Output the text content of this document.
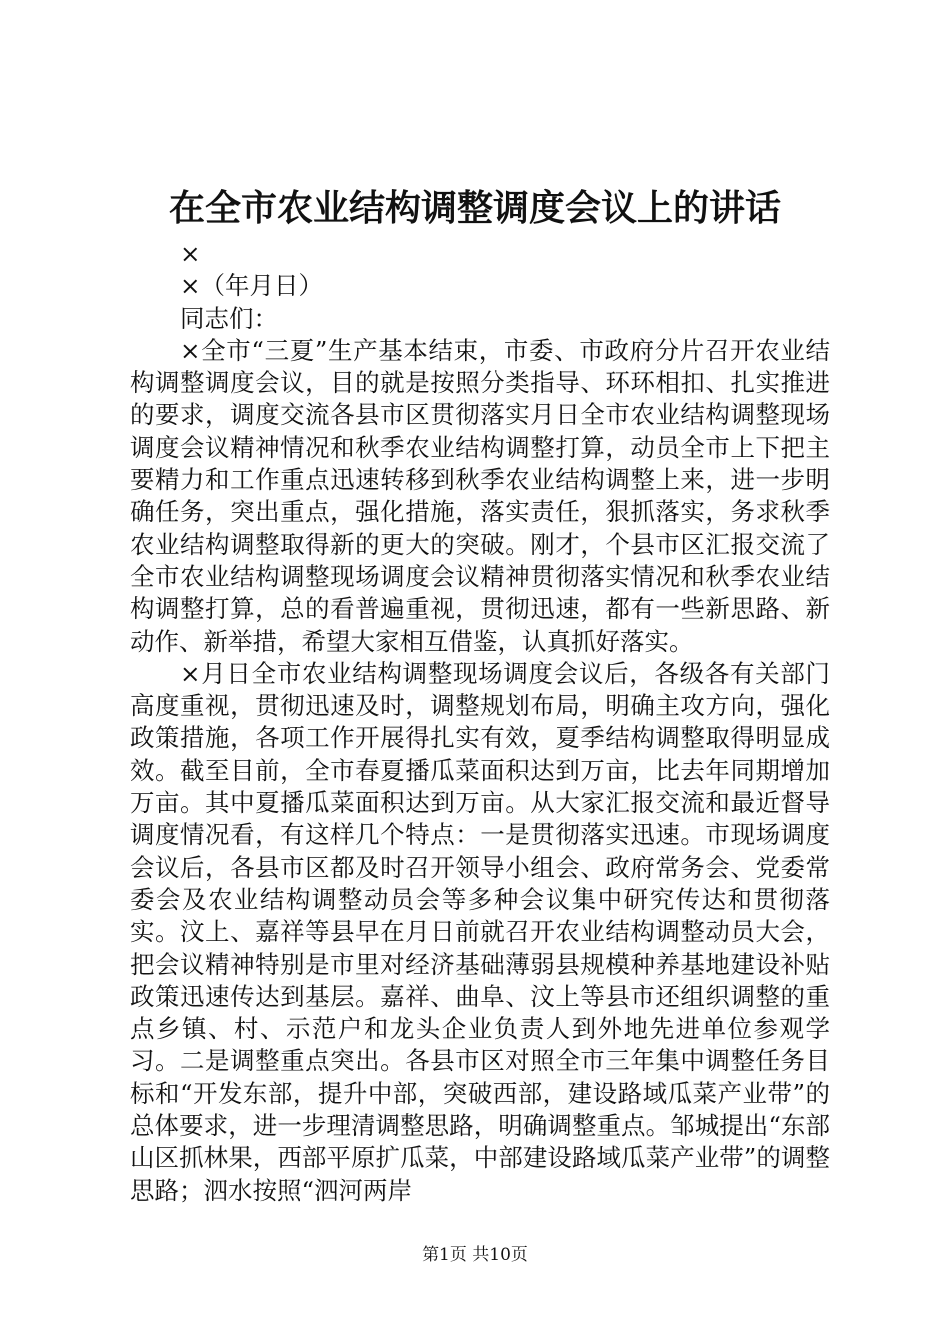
在全市农业结构调整调度会议上的讲话
×
×（年月日）
同志们：

×全市“三夏”生产基本结束，市委、市政府分片召开农业结构调整调度会议，目的就是按照分类指导、环环相扣、扎实推进的要求，调度交流各县市区贯彻落实月日全市农业结构调整现场调度会议精神情况和秋季农业结构调整打算，动员全市上下把主要精力和工作重点迅速转移到秋季农业结构调整上来，进一步明确任务，突出重点，强化措施，落实责任，狠抓落实，务求秋季农业结构调整取得新的更大的突破。刚才，个县市区汇报交流了全市农业结构调整现场调度会议精神贯彻落实情况和秋季农业结构调整打算，总的看普遍重视，贯彻迅速，都有一些新思路、新动作、新举措，希望大家相互借鉴，认真抓好落实。

×月日全市农业结构调整现场调度会议后，各级各有关部门高度重视，贯彻迅速及时，调整规划布局，明确主攻方向，强化政策措施，各项工作开展得扎实有效，夏季结构调整取得明显成效。截至目前，全市春夏播瓜菜面积达到万亩，比去年同期增加万亩。其中夏播瓜菜面积达到万亩。从大家汇报交流和最近督导调度情况看，有这样几个特点：一是贯彻落实迅速。市现场调度会议后，各县市区都及时召开领导小组会、政府常务会、党委常委会及农业结构调整动员会等多种会议集中研究传达和贯彻落实。汶上、嘉祥等县早在月日前就召开农业结构调整动员大会，把会议精神特别是市里对经济基础薄弱县规模种养基地建设补贴政策迅速传达到基层。嘉祥、曲阜、汶上等县市还组织调整的重点乡镇、村、示范户和龙头企业负责人到外地先进单位参观学习。二是调整重点突出。各县市区对照全市三年集中调整任务目标和“开发东部，提升中部，突破西部，建设路域瓜菜产业带”的总体要求，进一步理清调整思路，明确调整重点。邹城提出“东部山区抓林果，西部平原扩瓜菜，中部建设路域瓜菜产业带”的调整思路；泗水按照“泗河两岸

第1页 共10页
